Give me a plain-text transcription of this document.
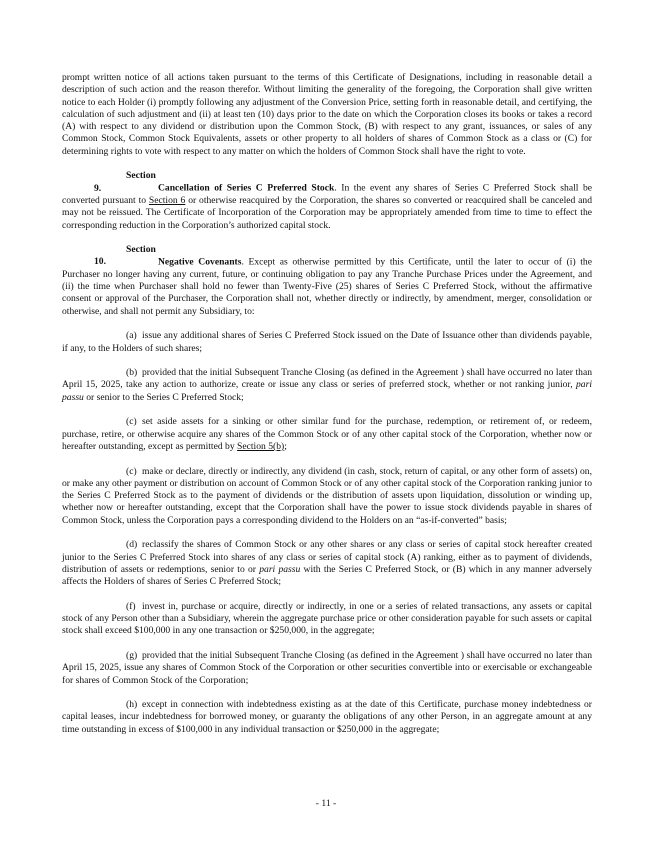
prompt written notice of all actions taken pursuant to the terms of this Certificate of Designations, including in reasonable detail a description of such action and the reason therefor. Without limiting the generality of the foregoing, the Corporation shall give written notice to each Holder (i) promptly following any adjustment of the Conversion Price, setting forth in reasonable detail, and certifying, the calculation of such adjustment and (ii) at least ten (10) days prior to the date on which the Corporation closes its books or takes a record (A) with respect to any dividend or distribution upon the Common Stock, (B) with respect to any grant, issuances, or sales of any Common Stock, Common Stock Equivalents, assets or other property to all holders of shares of Common Stock as a class or (C) for determining rights to vote with respect to any matter on which the holders of Common Stock shall have the right to vote.

Section 9.	Cancellation of Series C Preferred Stock. In the event any shares of Series C Preferred Stock shall be converted pursuant to Section 6 or otherwise reacquired by the Corporation, the shares so converted or reacquired shall be canceled and may not be reissued. The Certificate of Incorporation of the Corporation may be appropriately amended from time to time to effect the corresponding reduction in the Corporation’s authorized capital stock.

Section 10.	Negative Covenants. Except as otherwise permitted by this Certificate, until the later to occur of (i) the Purchaser no longer having any current, future, or continuing obligation to pay any Tranche Purchase Prices under the Agreement, and (ii) the time when Purchaser shall hold no fewer than Twenty-Five (25) shares of Series C Preferred Stock, without the affirmative consent or approval of the Purchaser, the Corporation shall not, whether directly or indirectly, by amendment, merger, consolidation or otherwise, and shall not permit any Subsidiary, to:

(a) issue any additional shares of Series C Preferred Stock issued on the Date of Issuance other than dividends payable, if any, to the Holders of such shares;

(b) provided that the initial Subsequent Tranche Closing (as defined in the Agreement ) shall have occurred no later than April 15, 2025, take any action to authorize, create or issue any class or series of preferred stock, whether or not ranking junior, pari passu or senior to the Series C Preferred Stock;

(c) set aside assets for a sinking or other similar fund for the purchase, redemption, or retirement of, or redeem, purchase, retire, or otherwise acquire any shares of the Common Stock or of any other capital stock of the Corporation, whether now or hereafter outstanding, except as permitted by Section 5(b);

(c) make or declare, directly or indirectly, any dividend (in cash, stock, return of capital, or any other form of assets) on, or make any other payment or distribution on account of Common Stock or of any other capital stock of the Corporation ranking junior to the Series C Preferred Stock as to the payment of dividends or the distribution of assets upon liquidation, dissolution or winding up, whether now or hereafter outstanding, except that the Corporation shall have the power to issue stock dividends payable in shares of Common Stock, unless the Corporation pays a corresponding dividend to the Holders on an “as-if-converted” basis;

(d) reclassify the shares of Common Stock or any other shares or any class or series of capital stock hereafter created junior to the Series C Preferred Stock into shares of any class or series of capital stock (A) ranking, either as to payment of dividends, distribution of assets or redemptions, senior to or pari passu with the Series C Preferred Stock, or (B) which in any manner adversely affects the Holders of shares of Series C Preferred Stock;

(f) invest in, purchase or acquire, directly or indirectly, in one or a series of related transactions, any assets or capital stock of any Person other than a Subsidiary, wherein the aggregate purchase price or other consideration payable for such assets or capital stock shall exceed $100,000 in any one transaction or $250,000, in the aggregate;

(g) provided that the initial Subsequent Tranche Closing (as defined in the Agreement ) shall have occurred no later than April 15, 2025, issue any shares of Common Stock of the Corporation or other securities convertible into or exercisable or exchangeable for shares of Common Stock of the Corporation;

(h) except in connection with indebtedness existing as at the date of this Certificate, purchase money indebtedness or capital leases, incur indebtedness for borrowed money, or guaranty the obligations of any other Person, in an aggregate amount at any time outstanding in excess of $100,000 in any individual transaction or $250,000 in the aggregate;

- 11 -
